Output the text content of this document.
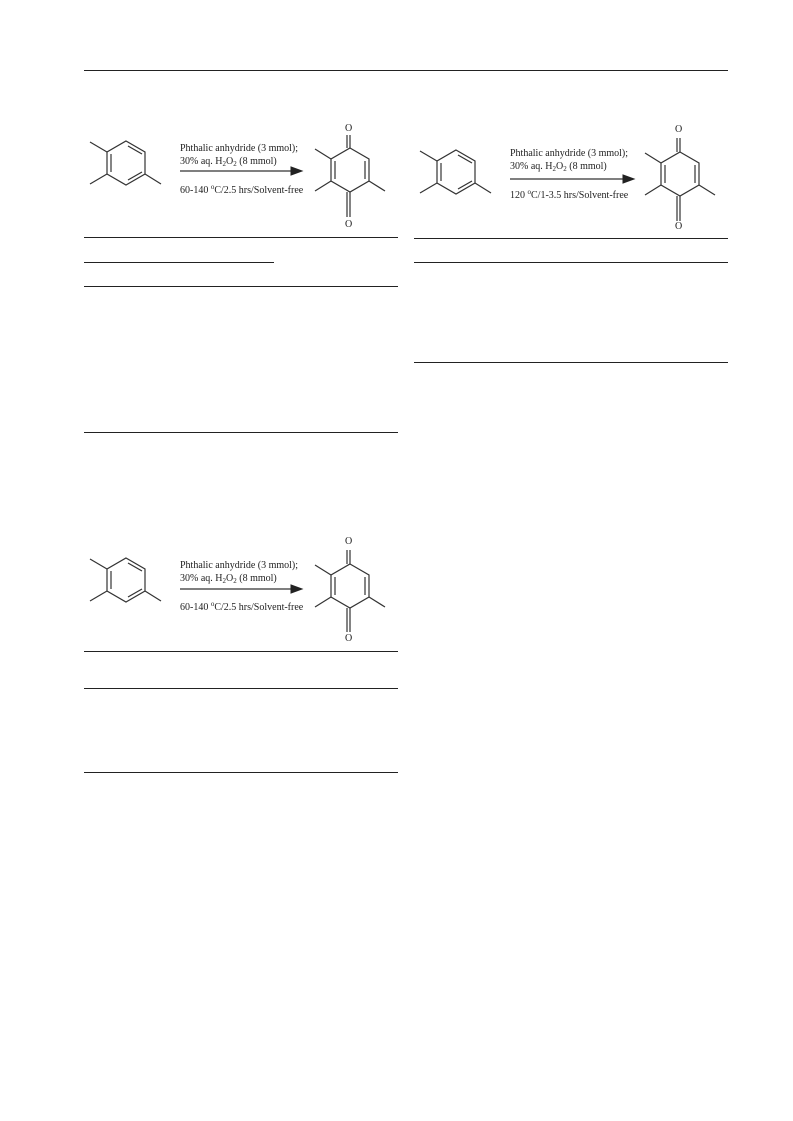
O
O
Phthalic anhydride (3 mmol);
30% aq. $H_2O_2$ (8 mmol)
60-140 $^o$C/2.5 hrs/Solvent-free
O
O
Phthalic anhydride (3 mmol);
30% aq. $H_2O_2$ (8 mmol)
120 $^o$C/1-3.5 hrs/Solvent-free
O
O
Phthalic anhydride (3 mmol);
30% aq. $H_2O_2$ (8 mmol)
60-140 $^o$C/2.5 hrs/Solvent-free
